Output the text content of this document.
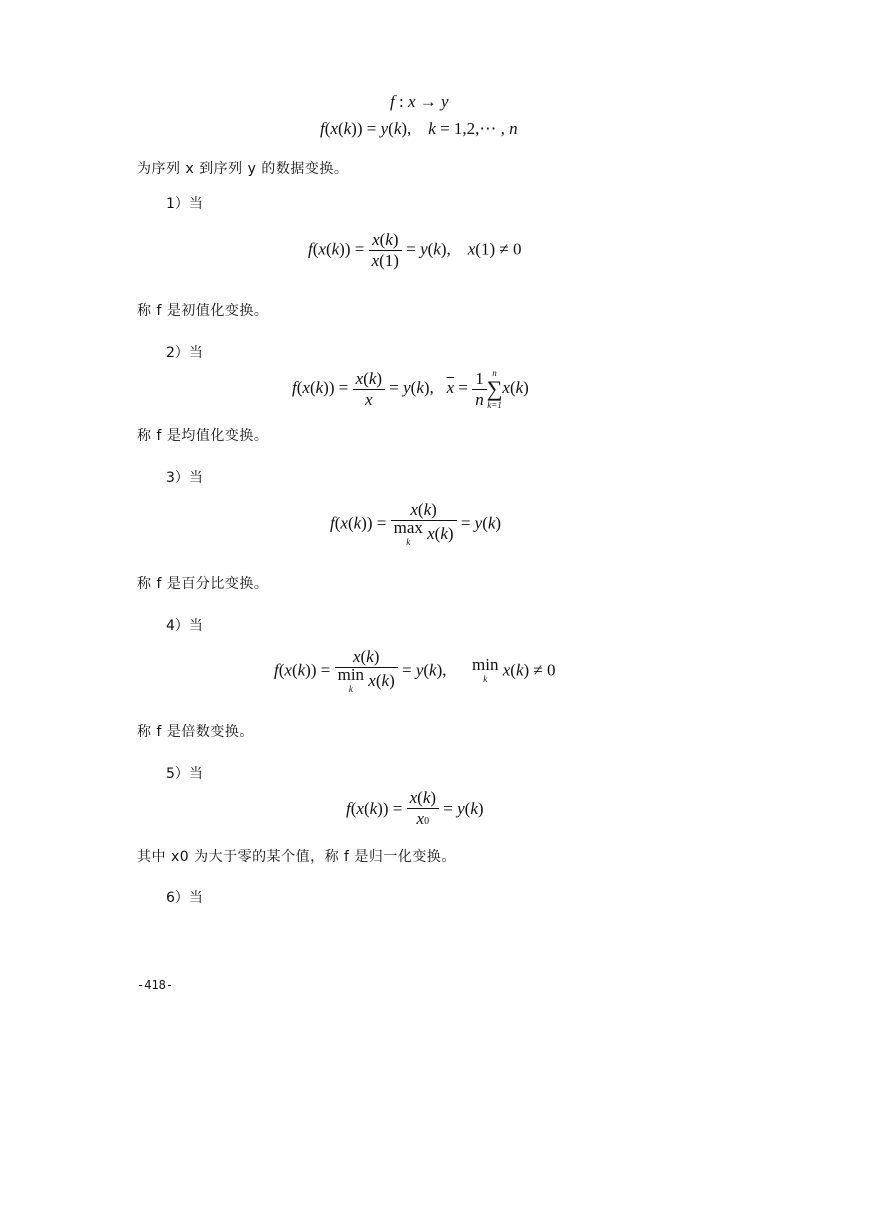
f : x → y
f(x(k)) = y(k),    k = 1,2,⋯ , n
为序列 x 到序列 y 的数据变换。
1）当
$f(x(k)) = \frac{x(k)}{x(1)} = y(k)$,    x(1) ≠ 0
称 f 是初值化变换。
2）当
$f(x(k)) = \frac{x(k)}{x} = y(k)$,   $\overline{x} = \frac{1}{n}$ n
∑
k=1
x(k)
称 f 是均值化变换。
3）当
f(x(k)) = x(k)
max
k x(k) = y(k)
称 f 是百分比变换。
4）当
f(x(k)) = x(k)
min
k x(k) = y(k),      min
k x(k) ≠ 0
称 f 是倍数变换。
5）当
$f(x(k)) = \frac{x(k)}{x0} = y(k)$
其中 x0 为大于零的某个值，称 f 是归一化变换。
6）当
-418-
